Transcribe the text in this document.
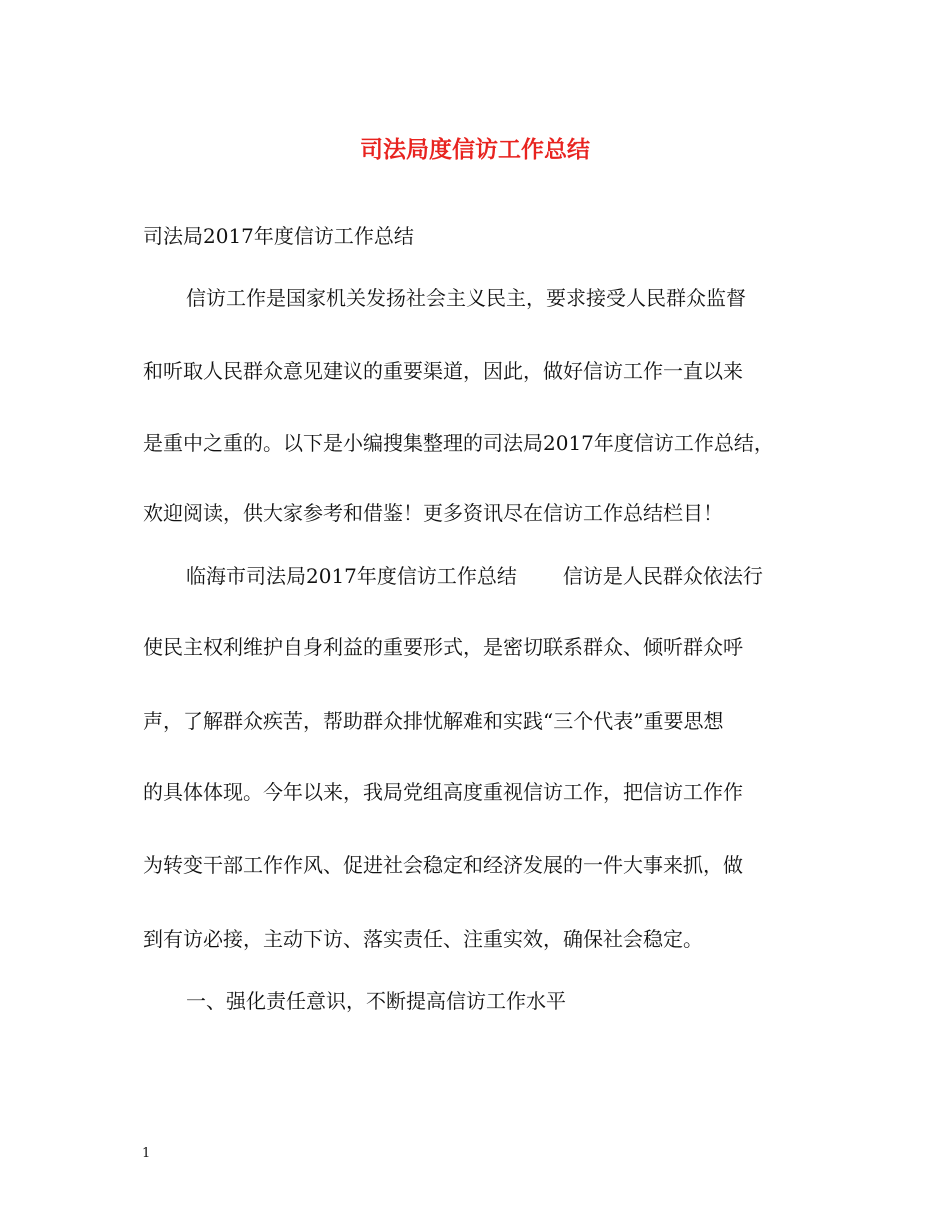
司法局度信访工作总结

司法局2017年度信访工作总结

信访工作是国家机关发扬社会主义民主，要求接受人民群众监督

和听取人民群众意见建议的重要渠道，因此，做好信访工作一直以来

是重中之重的。以下是小编搜集整理的司法局2017年度信访工作总结，

欢迎阅读，供大家参考和借鉴！更多资讯尽在信访工作总结栏目！

临海市司法局2017年度信访工作总结 信访是人民群众依法行

使民主权利维护自身利益的重要形式，是密切联系群众、倾听群众呼

声，了解群众疾苦，帮助群众排忧解难和实践“三个代表”重要思想

的具体体现。今年以来，我局党组高度重视信访工作，把信访工作作

为转变干部工作作风、促进社会稳定和经济发展的一件大事来抓，做

到有访必接，主动下访、落实责任、注重实效，确保社会稳定。

一、强化责任意识，不断提高信访工作水平

1
